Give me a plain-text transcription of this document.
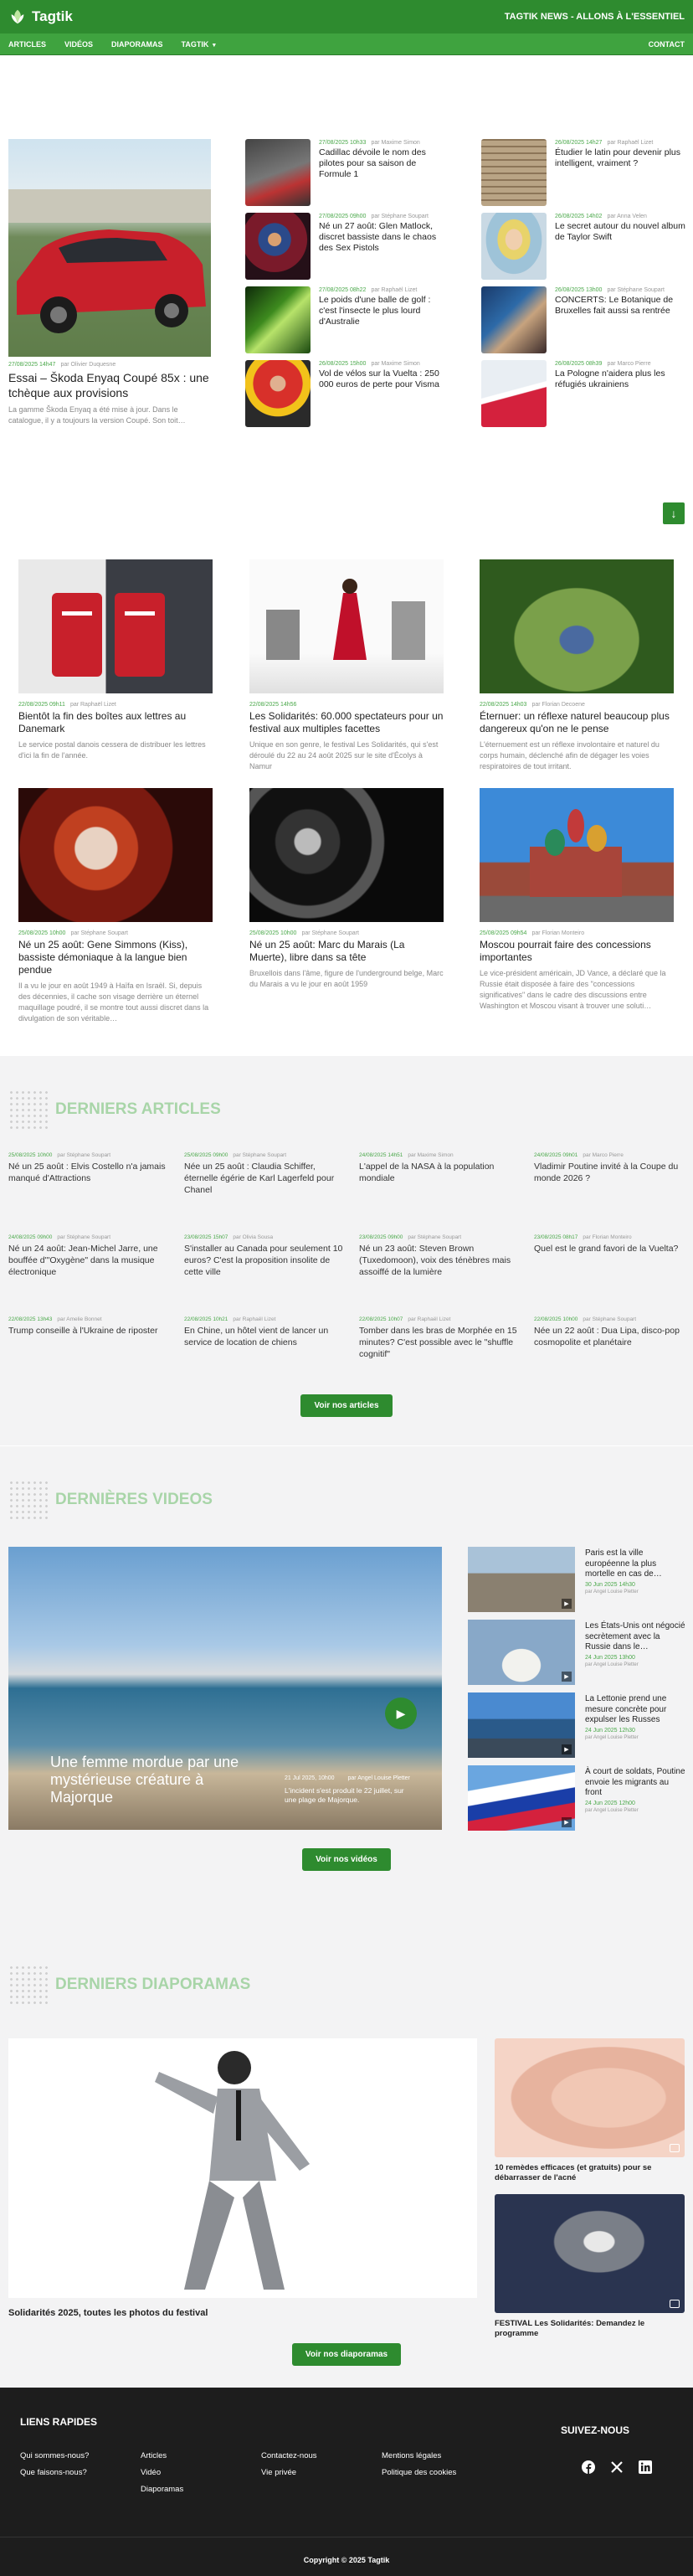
Tagtik	TAGTIK NEWS - ALLONS À L'ESSENTIEL
ARTICLES VIDÉOS DIAPORAMAS TAGTIK ▼	CONTACT
27/08/2025 14h47 par Olivier Duquesne
Essai – Škoda Enyaq Coupé 85x : une tchèque aux provisions
La gamme Škoda Enyaq a été mise à jour. Dans le catalogue, il y a toujours la version Coupé. Son toit…
27/08/2025 10h33 par Maxime Simon
Cadillac dévoile le nom des pilotes pour sa saison de Formule 1
27/08/2025 09h00 par Stéphane Soupart
Né un 27 août: Glen Matlock, discret bassiste dans le chaos des Sex Pistols
27/08/2025 08h22 par Raphaël Lizet
Le poids d'une balle de golf : c'est l'insecte le plus lourd d'Australie
26/08/2025 15h00 par Maxime Simon
Vol de vélos sur la Vuelta : 250 000 euros de perte pour Visma
26/08/2025 14h27 par Raphaël Lizet
Étudier le latin pour devenir plus intelligent, vraiment ?
26/08/2025 14h02 par Anna Velen
Le secret autour du nouvel album de Taylor Swift
26/08/2025 13h00 par Stéphane Soupart
CONCERTS: Le Botanique de Bruxelles fait aussi sa rentrée
26/08/2025 08h39 par Marco Pierre
La Pologne n'aidera plus les réfugiés ukrainiens
↓
22/08/2025 09h11 par Raphaël Lizet
Bientôt la fin des boîtes aux lettres au Danemark
Le service postal danois cessera de distribuer les lettres d'ici la fin de l'année.
22/08/2025 14h56
Les Solidarités: 60.000 spectateurs pour un festival aux multiples facettes
Unique en son genre, le festival Les Solidarités, qui s'est déroulé du 22 au 24 août 2025 sur le site d'Écolys à Namur
22/08/2025 14h03 par Florian Decoene
Éternuer: un réflexe naturel beaucoup plus dangereux qu'on ne le pense
L'éternuement est un réflexe involontaire et naturel du corps humain, déclenché afin de dégager les voies respiratoires de tout irritant.
25/08/2025 10h00 par Stéphane Soupart
Né un 25 août: Gene Simmons (Kiss), bassiste démoniaque à la langue bien pendue
Il a vu le jour en août 1949 à Haïfa en Israël. Si, depuis des décennies, il cache son visage derrière un éternel maquillage poudré, il se montre tout aussi discret dans la divulgation de son véritable…
25/08/2025 10h00 par Stéphane Soupart
Né un 25 août: Marc du Marais (La Muerte), libre dans sa tête
Bruxellois dans l'âme, figure de l'underground belge, Marc du Marais a vu le jour en août 1959
25/08/2025 09h54 par Florian Monteiro
Moscou pourrait faire des concessions importantes
Le vice-président américain, JD Vance, a déclaré que la Russie était disposée à faire des "concessions significatives" dans le cadre des discussions entre Washington et Moscou visant à trouver une soluti…
DERNIERS ARTICLES
25/08/2025 10h00 par Stéphane Soupart
Né un 25 août : Elvis Costello n'a jamais manqué d'Attractions
25/08/2025 09h00 par Stéphane Soupart
Née un 25 août : Claudia Schiffer, éternelle égérie de Karl Lagerfeld pour Chanel
24/08/2025 14h51 par Maxime Simon
L'appel de la NASA à la population mondiale
24/08/2025 09h01 par Marco Pierre
Vladimir Poutine invité à la Coupe du monde 2026 ?
24/08/2025 09h00 par Stéphane Soupart
Né un 24 août: Jean-Michel Jarre, une bouffée d'"Oxygène" dans la musique électronique
23/08/2025 15h07 par Olivia Sousa
S'installer au Canada pour seulement 10 euros? C'est la proposition insolite de cette ville
23/08/2025 09h00 par Stéphane Soupart
Né un 23 août: Steven Brown (Tuxedomoon), voix des ténèbres mais assoiffé de la lumière
23/08/2025 08h17 par Florian Monteiro
Quel est le grand favori de la Vuelta?
22/08/2025 13h43 par Amelie Bonnet
Trump conseille à l'Ukraine de riposter
22/08/2025 10h21 par Raphaël Lizet
En Chine, un hôtel vient de lancer un service de location de chiens
22/08/2025 10h07 par Raphaël Lizet
Tomber dans les bras de Morphée en 15 minutes? C'est possible avec le "shuffle cognitif"
22/08/2025 10h00 par Stéphane Soupart
Née un 22 août : Dua Lipa, disco-pop cosmopolite et planétaire
Voir nos articles
DERNIÈRES VIDEOS
▶
Une femme mordue par une mystérieuse créature à Majorque
21 Jul 2025, 10h00 par Angel Louise Pletter
L'incident s'est produit le 22 juillet, sur une plage de Majorque.
▶
Paris est la ville européenne la plus mortelle en cas de…
30 Jun 2025 14h30
par Angel Louise Pletter
▶
Les États-Unis ont négocié secrètement avec la Russie dans le…
24 Jun 2025 13h00
par Angel Louise Pletter
▶
La Lettonie prend une mesure concrète pour expulser les Russes
24 Jun 2025 12h30
par Angel Louise Pletter
▶
À court de soldats, Poutine envoie les migrants au front
24 Jun 2025 12h00
par Angel Louise Pletter
Voir nos vidéos
DERNIERS DIAPORAMAS
Solidarités 2025, toutes les photos du festival
10 remèdes efficaces (et gratuits) pour se débarrasser de l'acné
FESTIVAL Les Solidarités: Demandez le programme
Voir nos diaporamas
LIENS RAPIDES
Qui sommes-nous?
Que faisons-nous?
Articles
Vidéo
Diaporamas
Contactez-nous
Vie privée
Mentions légales
Politique des cookies
SUIVEZ-NOUS
Copyright © 2025 Tagtik
